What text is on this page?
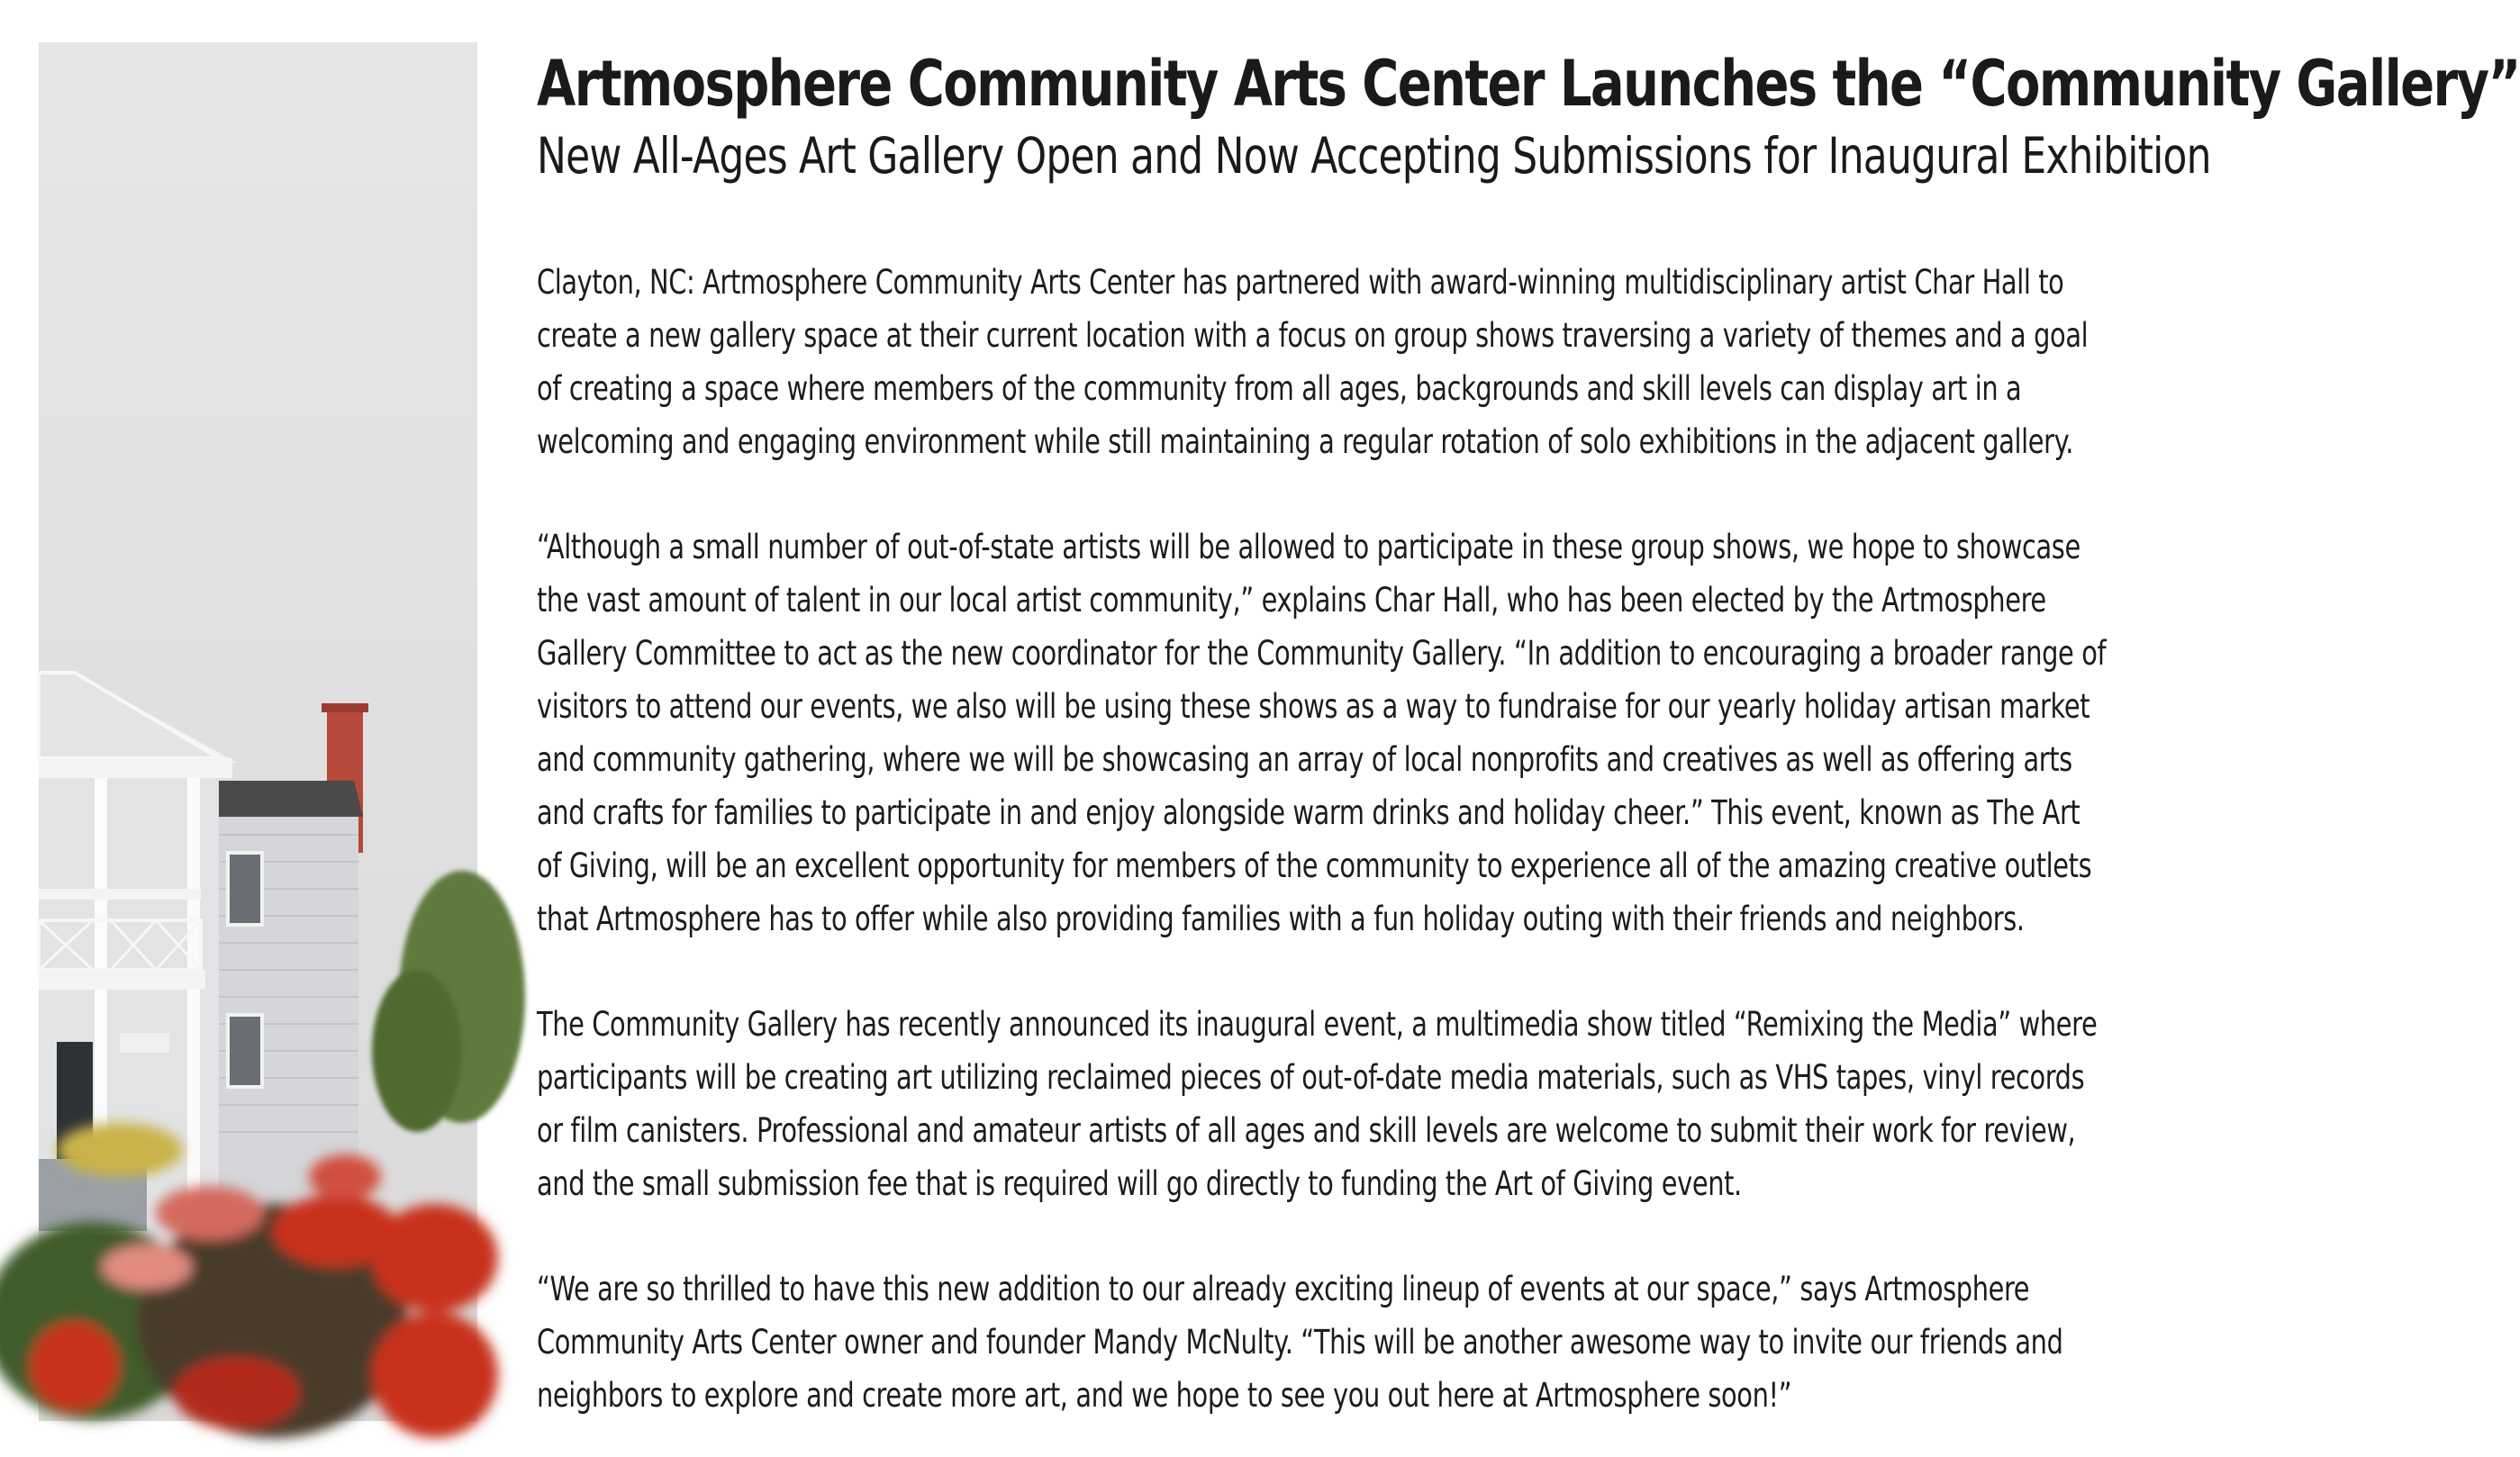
Artmosphere Community Arts Center Launches the “Community Gallery”
New All-Ages Art Gallery Open and Now Accepting Submissions for Inaugural Exhibition

Clayton, NC: Artmosphere Community Arts Center has partnered with award-winning multidisciplinary artist Char Hall to
create a new gallery space at their current location with a focus on group shows traversing a variety of themes and a goal
of creating a space where members of the community from all ages, backgrounds and skill levels can display art in a
welcoming and engaging environment while still maintaining a regular rotation of solo exhibitions in the adjacent gallery.

“Although a small number of out-of-state artists will be allowed to participate in these group shows, we hope to showcase
the vast amount of talent in our local artist community,” explains Char Hall, who has been elected by the Artmosphere
Gallery Committee to act as the new coordinator for the Community Gallery. “In addition to encouraging a broader range of
visitors to attend our events, we also will be using these shows as a way to fundraise for our yearly holiday artisan market
and community gathering, where we will be showcasing an array of local nonprofits and creatives as well as offering arts
and crafts for families to participate in and enjoy alongside warm drinks and holiday cheer.” This event, known as The Art
of Giving, will be an excellent opportunity for members of the community to experience all of the amazing creative outlets
that Artmosphere has to offer while also providing families with a fun holiday outing with their friends and neighbors.

The Community Gallery has recently announced its inaugural event, a multimedia show titled “Remixing the Media” where
participants will be creating art utilizing reclaimed pieces of out-of-date media materials, such as VHS tapes, vinyl records
or film canisters. Professional and amateur artists of all ages and skill levels are welcome to submit their work for review,
and the small submission fee that is required will go directly to funding the Art of Giving event.

“We are so thrilled to have this new addition to our already exciting lineup of events at our space,” says Artmosphere
Community Arts Center owner and founder Mandy McNulty. “This will be another awesome way to invite our friends and
neighbors to explore and create more art, and we hope to see you out here at Artmosphere soon!”
